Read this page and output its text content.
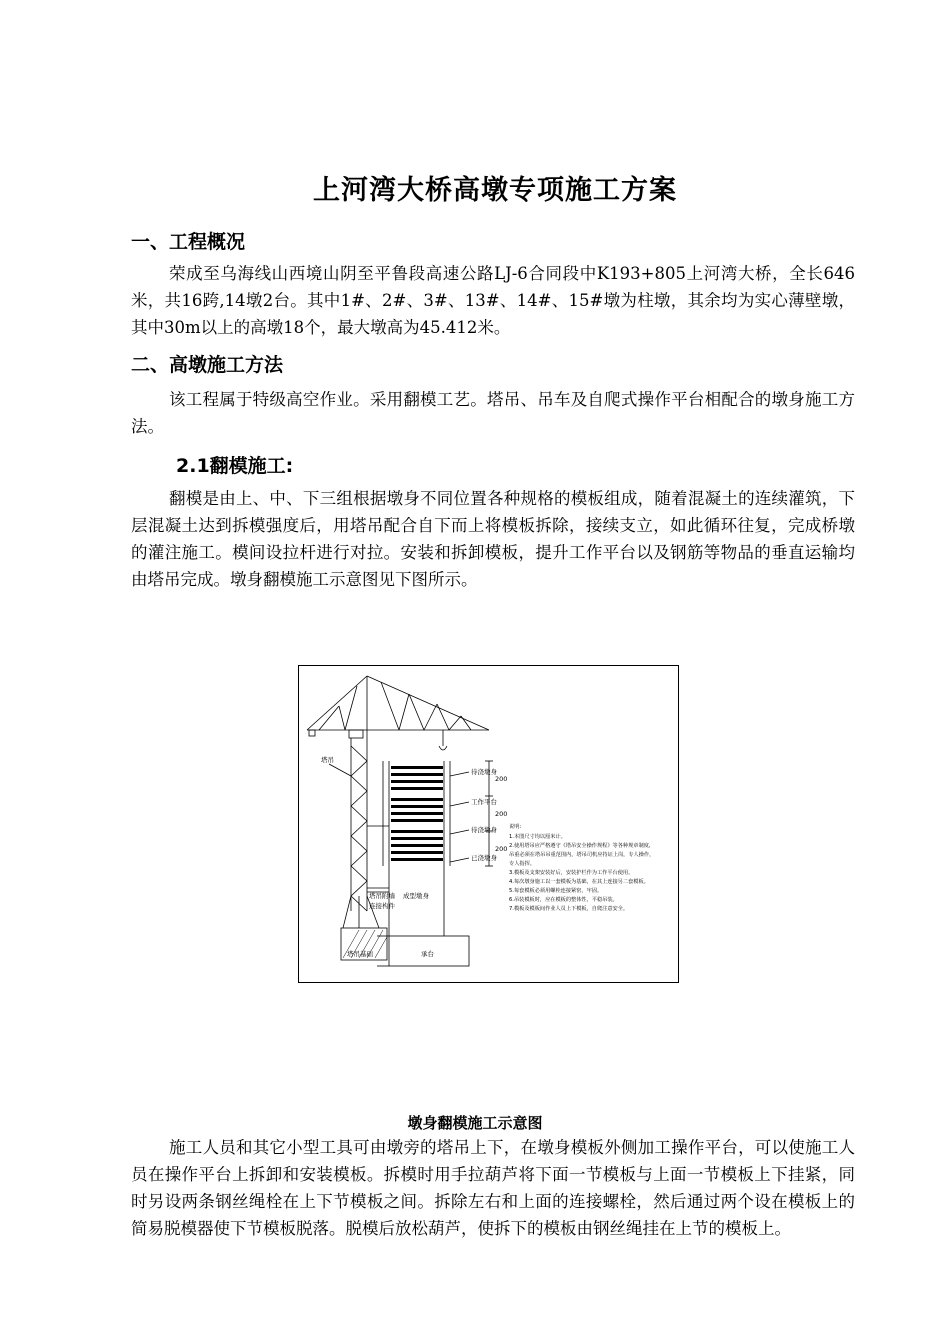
上河湾大桥高墩专项施工方案
一、工程概况

荣成至乌海线山西境山阴至平鲁段高速公路LJ-6合同段中K193+805上河湾大桥，全长646米，共16跨,14墩2台。其中1#、2#、3#、13#、14#、15#墩为柱墩，其余均为实心薄壁墩，其中30m以上的高墩18个，最大墩高为45.412米。

二、高墩施工方法

该工程属于特级高空作业。采用翻模工艺。塔吊、吊车及自爬式操作平台相配合的墩身施工方法。

2.1翻模施工:

翻模是由上、中、下三组根据墩身不同位置各种规格的模板组成，随着混凝土的连续灌筑，下层混凝土达到拆模强度后，用塔吊配合自下而上将模板拆除，接续支立，如此循环往复，完成桥墩的灌注施工。模间设拉杆进行对拉。安装和拆卸模板，提升工作平台以及钢筋等物品的垂直运输均由塔吊完成。墩身翻模施工示意图见下图所示。

塔吊
待浇墩身
工作平台
待浇墩身
已浇墩身
塔吊附墙
连接构件
成型墩身
承台
塔吊基础
200
200
200
说明:
1.本图尺寸均以厘米计。
2.使用塔吊应严格遵守《塔吊安全操作规程》等各种规章制度,
吊重必须在塔吊吊重范围内，塔吊司机应持证上岗，专人操作，
专人指挥。
3.模板及支架安装好后，安装护栏作为工作平台使用。
4.每次墩身施工以一套模板为基础，在其上连接另二套模板。
5.每套模板必须用螺栓连接紧密，牢固。
6.吊装模板时，应在模板的整体性，平稳吊装。
7.模板及模板间作业人员上下模板，自爬注意安全。
墩身翻模施工示意图

施工人员和其它小型工具可由墩旁的塔吊上下，在墩身模板外侧加工操作平台，可以使施工人员在操作平台上拆卸和安装模板。拆模时用手拉葫芦将下面一节模板与上面一节模板上下挂紧，同时另设两条钢丝绳栓在上下节模板之间。拆除左右和上面的连接螺栓，然后通过两个设在模板上的简易脱模器使下节模板脱落。脱模后放松葫芦，使拆下的模板由钢丝绳挂在上节的模板上。
